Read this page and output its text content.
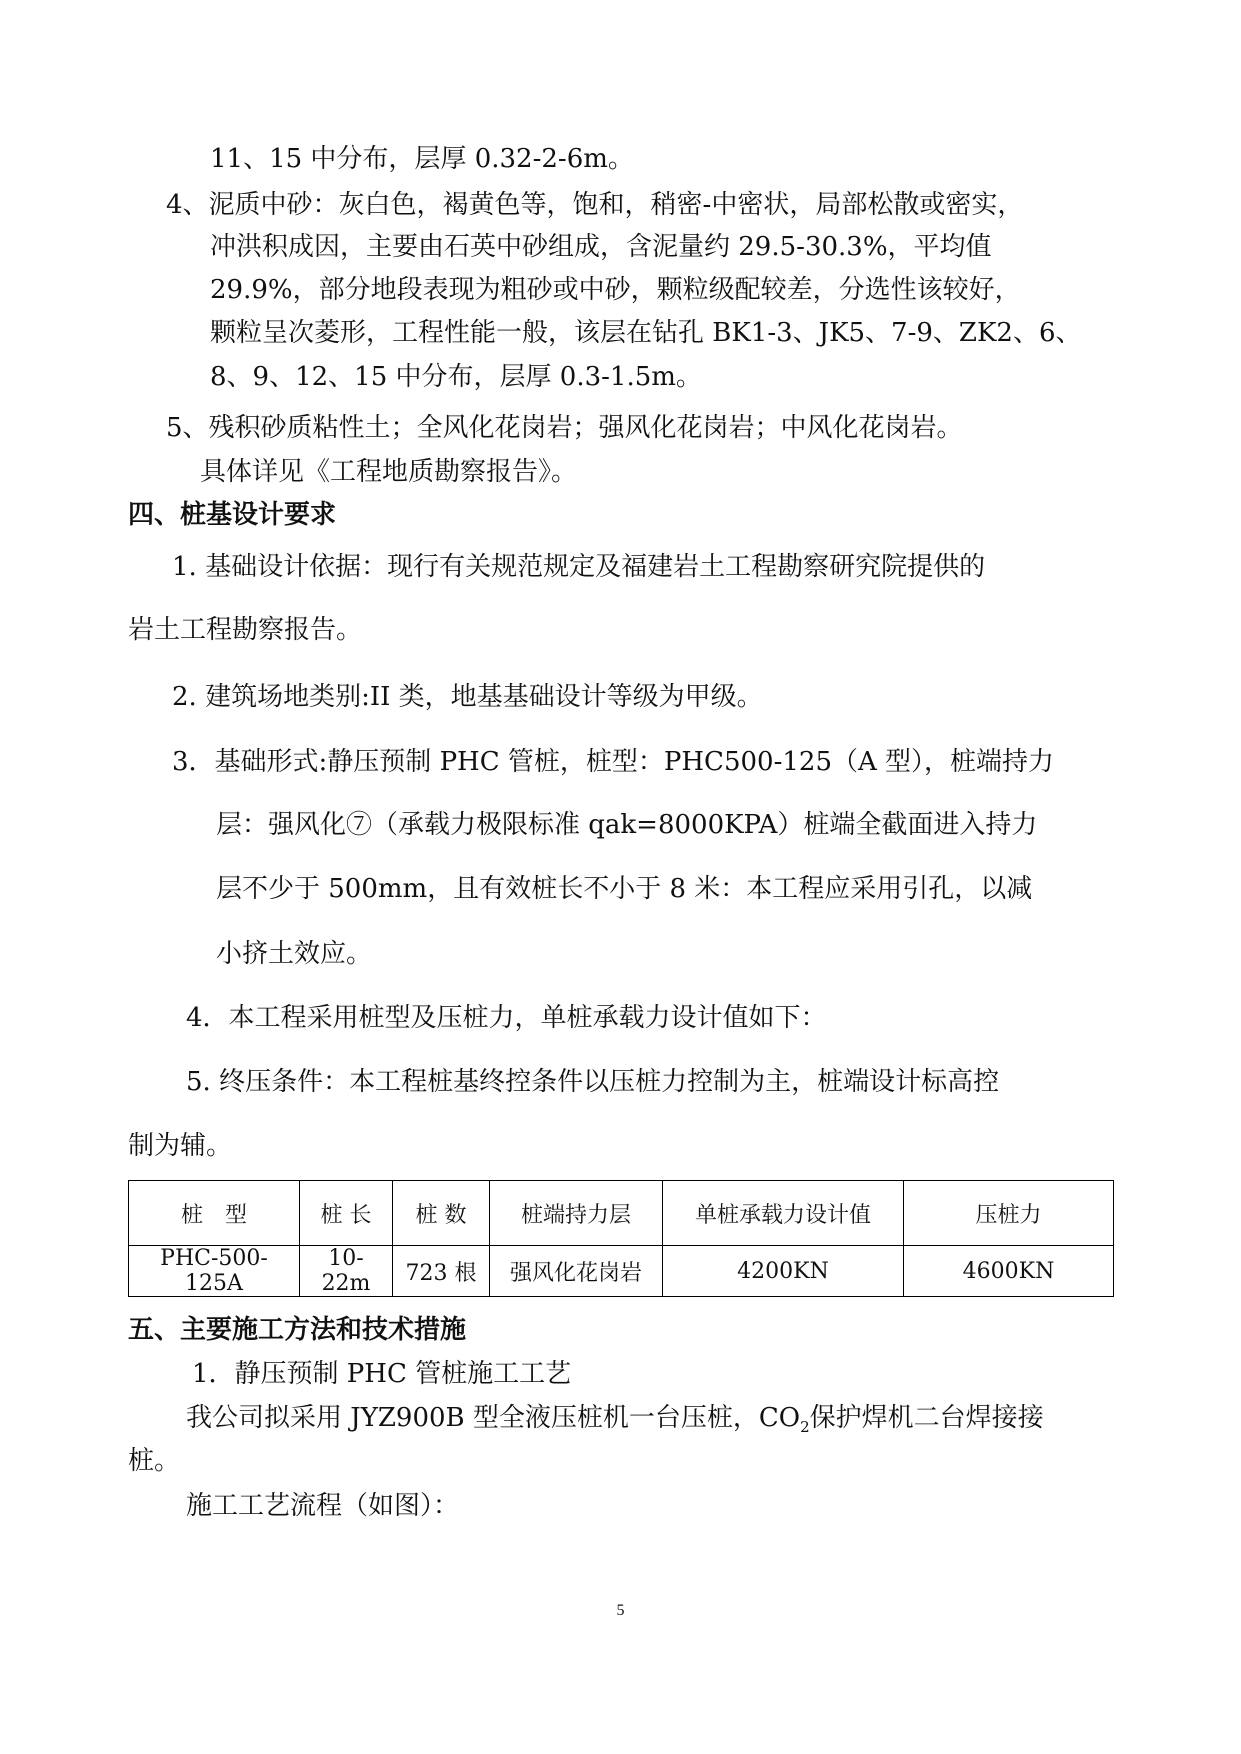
11、15 中分布，层厚 0.32-2-6m。
4、泥质中砂：灰白色，褐黄色等，饱和，稍密-中密状，局部松散或密实，
冲洪积成因，主要由石英中砂组成，含泥量约 29.5-30.3%，平均值
29.9%，部分地段表现为粗砂或中砂，颗粒级配较差，分选性该较好，
颗粒呈次菱形，工程性能一般，该层在钻孔 BK1-3、JK5、7-9、ZK2、6、
8、9、12、15 中分布，层厚 0.3-1.5m。
5、残积砂质粘性土；全风化花岗岩；强风化花岗岩；中风化花岗岩。
具体详见《工程地质勘察报告》。
四、桩基设计要求
1. 基础设计依据：现行有关规范规定及福建岩土工程勘察研究院提供的
岩土工程勘察报告。
2. 建筑场地类别:II 类，地基基础设计等级为甲级。
3．基础形式:静压预制 PHC 管桩，桩型：PHC500-125（A 型），桩端持力
层：强风化⑦（承载力极限标准 qak=8000KPA）桩端全截面进入持力
层不少于 500mm，且有效桩长不小于 8 米：本工程应采用引孔，以减
小挤土效应。
4．本工程采用桩型及压桩力，单桩承载力设计值如下：
5. 终压条件：本工程桩基终控条件以压桩力控制为主，桩端设计标高控
制为辅。
桩　型	桩 长	桩 数	桩端持力层	单桩承载力设计值	压桩力
PHC-500-125A	10-22m	723 根	强风化花岗岩	4200KN	4600KN
五、主要施工方法和技术措施
1．静压预制 PHC 管桩施工工艺
我公司拟采用 JYZ900B 型全液压桩机一台压桩，$CO_2$保护焊机二台焊接接
桩。
施工工艺流程（如图）：
5
